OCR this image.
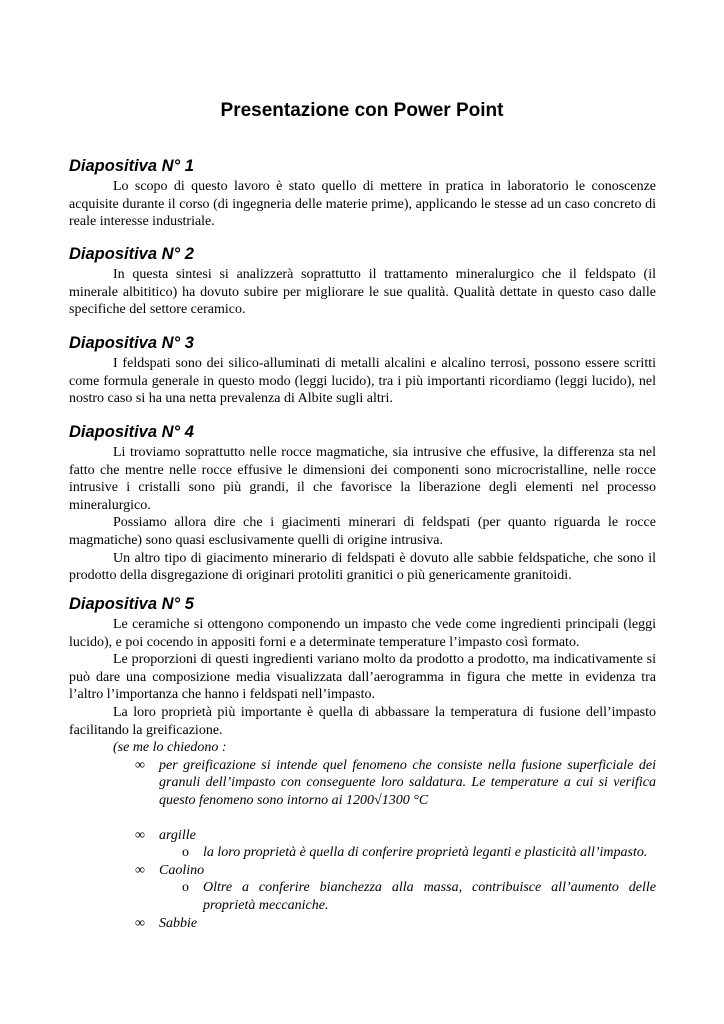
Presentazione con Power Point
Diapositiva N° 1

Lo scopo di questo lavoro è stato quello di mettere in pratica in laboratorio le conoscenze acquisite durante il corso (di ingegneria delle materie prime), applicando le stesse ad un caso concreto di reale interesse industriale.

Diapositiva N° 2

In questa sintesi si analizzerà soprattutto il trattamento mineralurgico che il feldspato (il minerale albititico) ha dovuto subire per migliorare le sue qualità. Qualità dettate in questo caso dalle specifiche del settore ceramico.

Diapositiva N° 3

I feldspati sono dei silico-alluminati di metalli alcalini e alcalino terrosi, possono essere scritti come formula generale in questo modo (leggi lucido), tra i più importanti ricordiamo (leggi lucido), nel nostro caso si ha una netta prevalenza di Albite sugli altri.

Diapositiva N° 4

Li troviamo soprattutto nelle rocce magmatiche, sia intrusive che effusive, la differenza sta nel fatto che mentre nelle rocce effusive le dimensioni dei componenti sono microcristalline, nelle rocce intrusive i cristalli sono più grandi, il che favorisce la liberazione degli elementi nel processo mineralurgico.

Possiamo allora dire che i giacimenti minerari di feldspati (per quanto riguarda le rocce magmatiche) sono quasi esclusivamente quelli di origine intrusiva.

Un altro tipo di giacimento minerario di feldspati è dovuto alle sabbie feldspatiche, che sono il prodotto della disgregazione di originari protoliti granitici o più genericamente granitoidi.

Diapositiva N° 5

Le ceramiche si ottengono componendo un impasto che vede come ingredienti principali (leggi lucido), e poi cocendo in appositi forni e a determinate temperature l’impasto così formato.

Le proporzioni di questi ingredienti variano molto da prodotto a prodotto, ma indicativamente si può dare una composizione media visualizzata dall’aerogramma in figura che mette in evidenza tra l’altro l’importanza che hanno i feldspati nell’impasto.

La loro proprietà più importante è quella di abbassare la temperatura di fusione dell’impasto facilitando la greificazione.

(se me lo chiedono :

∞ per greificazione si intende quel fenomeno che consiste nella fusione superficiale dei granuli dell’impasto con conseguente loro saldatura. Le temperature a cui si verifica questo fenomeno sono intorno ai 1200√1300 °C
∞ argille
o la loro proprietà è quella di conferire proprietà leganti e plasticità all’impasto.
∞ Caolino
o Oltre a conferire bianchezza alla massa, contribuisce all’aumento delle proprietà meccaniche.
∞ Sabbie
